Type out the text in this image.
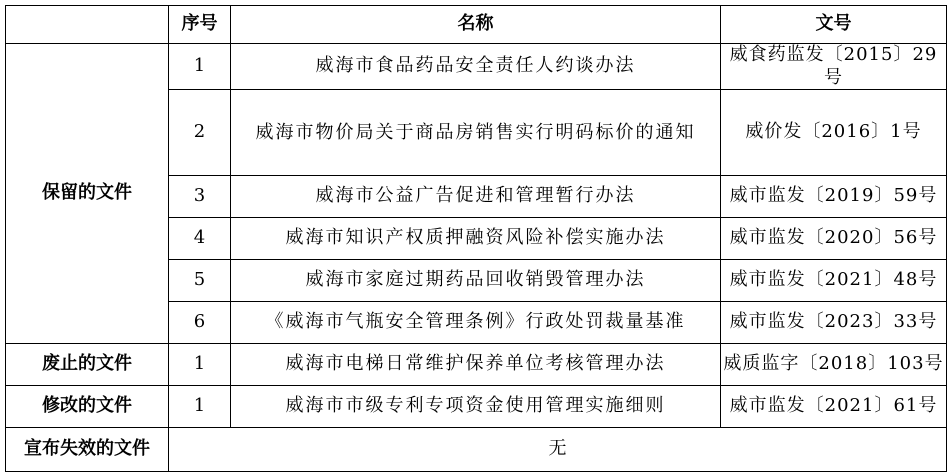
	序号	名称	文号
保留的文件	1	威海市食品药品安全责任人约谈办法	威食药监发〔2015〕29号
	2	威海市物价局关于商品房销售实行明码标价的通知	威价发〔2016〕1号
	3	威海市公益广告促进和管理暂行办法	威市监发〔2019〕59号
	4	威海市知识产权质押融资风险补偿实施办法	威市监发〔2020〕56号
	5	威海市家庭过期药品回收销毁管理办法	威市监发〔2021〕48号
	6	《威海市气瓶安全管理条例》行政处罚裁量基准	威市监发〔2023〕33号
废止的文件	1	威海市电梯日常维护保养单位考核管理办法	威质监字〔2018〕103号
修改的文件	1	威海市市级专利专项资金使用管理实施细则	威市监发〔2021〕61号
宣布失效的文件	无		
